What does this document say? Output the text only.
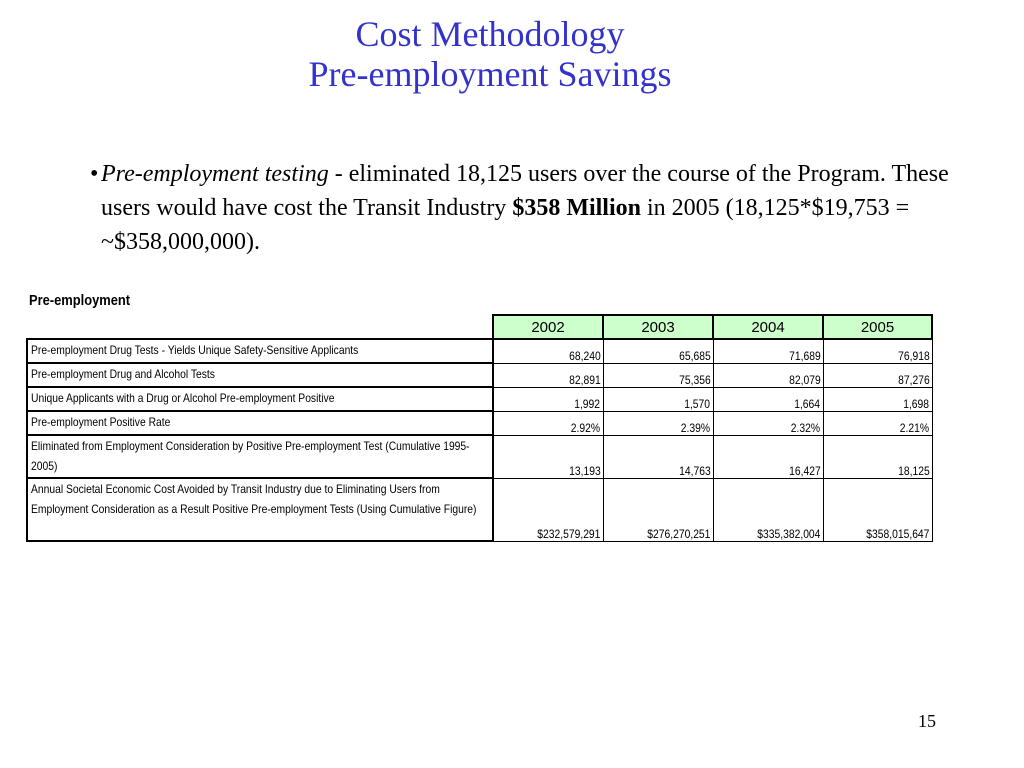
Cost Methodology
Pre-employment Savings
• Pre-employment testing - eliminated 18,125 users over the course of the Program. These users would have cost the Transit Industry $358 Million in 2005 (18,125*$19,753 = ~$358,000,000).
Pre-employment
	2002	2003	2004	2005
Pre-employment Drug Tests - Yields Unique Safety-Sensitive Applicants	68,240	65,685	71,689	76,918
Pre-employment Drug and Alcohol Tests	82,891	75,356	82,079	87,276
Unique Applicants with a Drug or Alcohol Pre-employment Positive	1,992	1,570	1,664	1,698
Pre-employment Positive Rate	2.92%	2.39%	2.32%	2.21%
Eliminated from Employment Consideration by Positive Pre-employment Test (Cumulative 1995-2005)	13,193	14,763	16,427	18,125
Annual Societal Economic Cost Avoided by Transit Industry due to Eliminating Users from Employment Consideration as a Result Positive Pre-employment Tests (Using Cumulative Figure)	$232,579,291	$276,270,251	$335,382,004	$358,015,647
15
